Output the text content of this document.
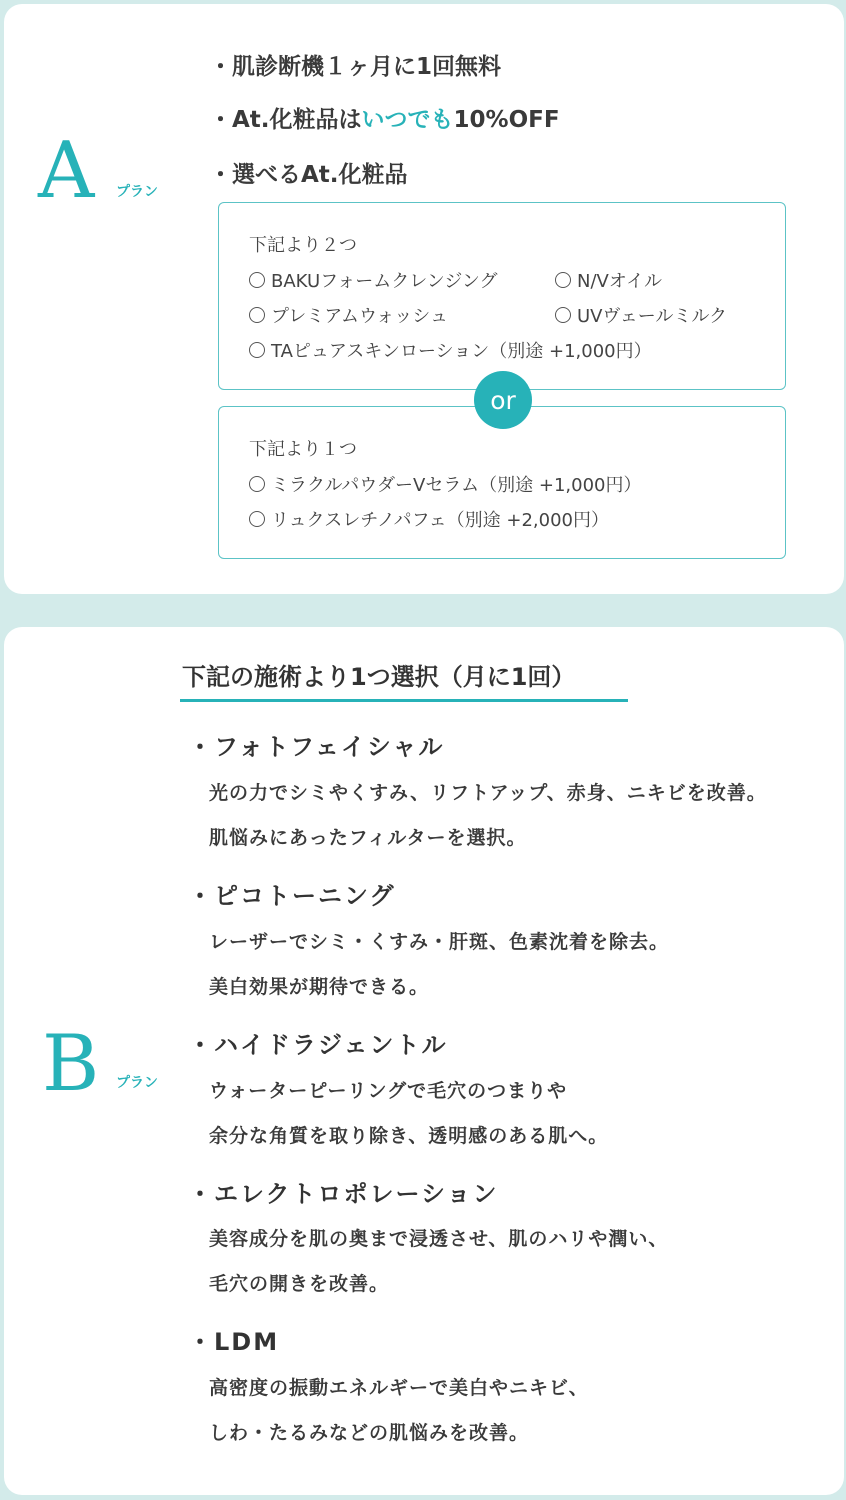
A プラン
・肌診断機１ヶ月に1回無料
・At.化粧品はいつでも10%OFF
・選べるAt.化粧品
下記より２つ
BAKUフォームクレンジング	N/Vオイル
プレミアムウォッシュ	UVヴェールミルク
TAピュアスキンローション（別途 +1,000円）
下記より１つ
ミラクルパウダーVセラム（別途 +1,000円）
リュクスレチノパフェ（別途 +2,000円）
or
B プラン
下記の施術より1つ選択（月に1回）
・フォトフェイシャル
光の力でシミやくすみ、リフトアップ、赤身、ニキビを改善。
肌悩みにあったフィルターを選択。
・ピコトーニング
レーザーでシミ・くすみ・肝斑、色素沈着を除去。
美白効果が期待できる。
・ハイドラジェントル
ウォーターピーリングで毛穴のつまりや
余分な角質を取り除き、透明感のある肌へ。
・エレクトロポレーション
美容成分を肌の奥まで浸透させ、肌のハリや潤い、
毛穴の開きを改善。
・LDM
高密度の振動エネルギーで美白やニキビ、
しわ・たるみなどの肌悩みを改善。
